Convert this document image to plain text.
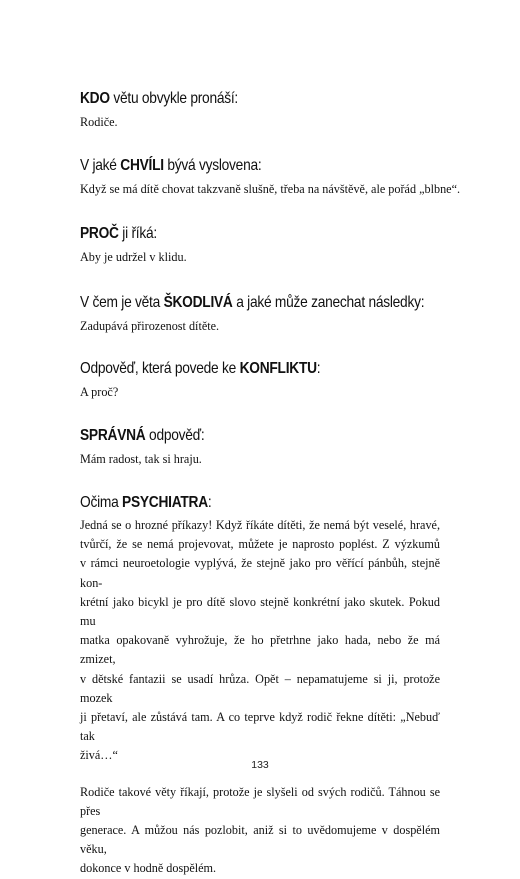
KDO větu obvykle pronáší:

Rodiče.

V jaké CHVÍLI bývá vyslovena:

Když se má dítě chovat takzvaně slušně, třeba na návštěvě, ale pořád „blbne“.

PROČ ji říká:

Aby je udržel v klidu.

V čem je věta ŠKODLIVÁ a jaké může zanechat následky:

Zadupává přirozenost dítěte.

Odpověď, která povede ke KONFLIKTU:

A proč?

SPRÁVNÁ odpověď:

Mám radost, tak si hraju.

Očima PSYCHIATRA:
Jedná se o hrozné příkazy! Když říkáte dítěti, že nemá být veselé, hravé,
tvůrčí, že se nemá projevovat, můžete je naprosto poplést. Z výzkumů
v rámci neuroetologie vyplývá, že stejně jako pro věřící pánbůh, stejně kon-
krétní jako bicykl je pro dítě slovo stejně konkrétní jako skutek. Pokud mu
matka opakovaně vyhrožuje, že ho přetrhne jako hada, nebo že má zmizet,
v dětské fantazii se usadí hrůza. Opět – nepamatujeme si ji, protože mozek
ji přetaví, ale zůstává tam. A co teprve když rodič řekne dítěti: „Nebuď tak
živá…“
Rodiče takové věty říkají, protože je slyšeli od svých rodičů. Táhnou se přes
generace. A můžou nás pozlobit, aniž si to uvědomujeme v dospělém věku,
dokonce v hodně dospělém.
133
